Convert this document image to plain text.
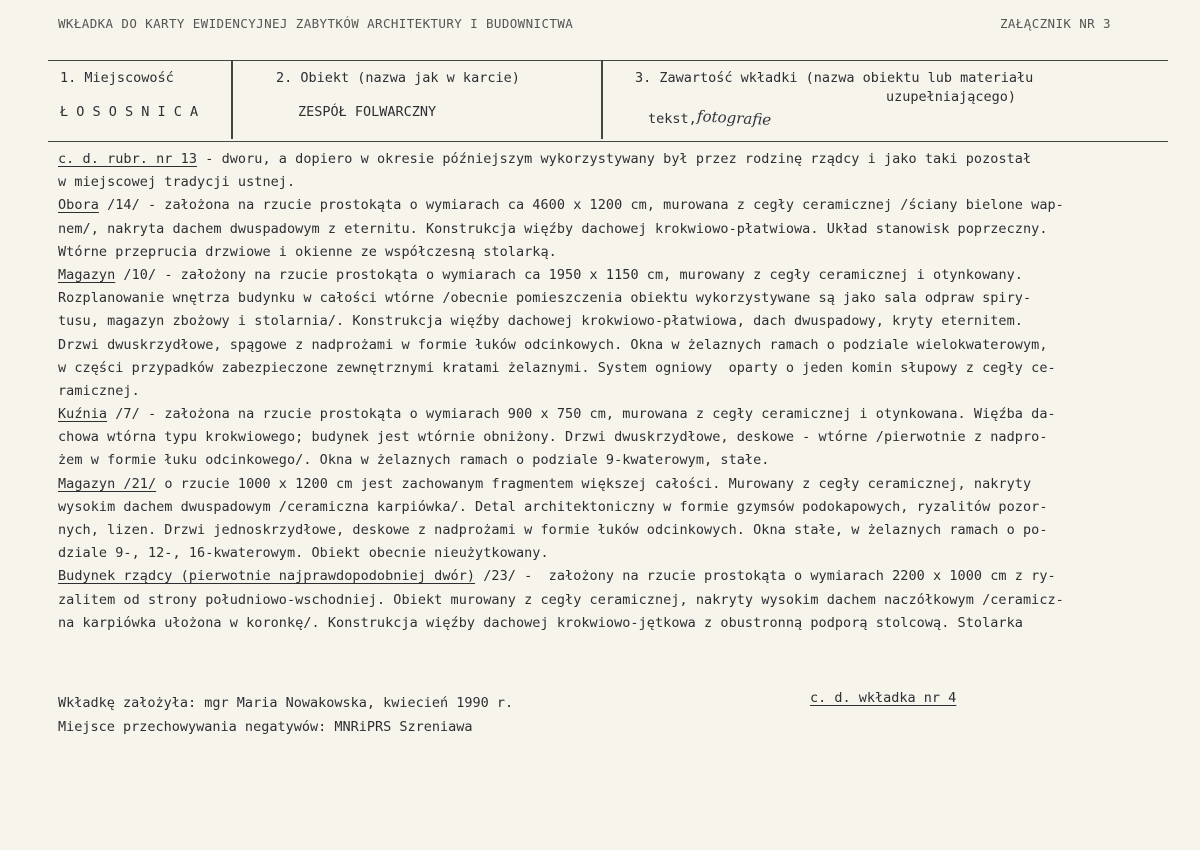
WKŁADKA DO KARTY EWIDENCYJNEJ ZABYTKÓW ARCHITEKTURY I BUDOWNICTWA	ZAŁĄCZNIK NR 3
1. Miejscowość
Ł O S O S N I C A
2. Obiekt (nazwa jak w karcie)
ZESPÓŁ FOLWARCZNY
3. Zawartość wkładki (nazwa obiektu lub materiału
uzupełniającego)
tekst,fotografie
c. d. rubr. nr 13 - dworu, a dopiero w okresie późniejszym wykorzystywany był przez rodzinę rządcy i jako taki pozostał
w miejscowej tradycji ustnej.
Obora /14/ - założona na rzucie prostokąta o wymiarach ca 4600 x 1200 cm, murowana z cegły ceramicznej /ściany bielone wap-
nem/, nakryta dachem dwuspadowym z eternitu. Konstrukcja więźby dachowej krokwiowo-płatwiowa. Układ stanowisk poprzeczny.
Wtórne przeprucia drzwiowe i okienne ze współczesną stolarką.
Magazyn /10/ - założony na rzucie prostokąta o wymiarach ca 1950 x 1150 cm, murowany z cegły ceramicznej i otynkowany.
Rozplanowanie wnętrza budynku w całości wtórne /obecnie pomieszczenia obiektu wykorzystywane są jako sala odpraw spiry-
tusu, magazyn zbożowy i stolarnia/. Konstrukcja więźby dachowej krokwiowo-płatwiowa, dach dwuspadowy, kryty eternitem.
Drzwi dwuskrzydłowe, spągowe z nadprożami w formie łuków odcinkowych. Okna w żelaznych ramach o podziale wielokwaterowym,
w części przypadków zabezpieczone zewnętrznymi kratami żelaznymi. System ogniowy  oparty o jeden komin słupowy z cegły ce-
ramicznej.
Kuźnia /7/ - założona na rzucie prostokąta o wymiarach 900 x 750 cm, murowana z cegły ceramicznej i otynkowana. Więźba da-
chowa wtórna typu krokwiowego; budynek jest wtórnie obniżony. Drzwi dwuskrzydłowe, deskowe - wtórne /pierwotnie z nadpro-
żem w formie łuku odcinkowego/. Okna w żelaznych ramach o podziale 9-kwaterowym, stałe.
Magazyn /21/ o rzucie 1000 x 1200 cm jest zachowanym fragmentem większej całości. Murowany z cegły ceramicznej, nakryty
wysokim dachem dwuspadowym /ceramiczna karpiówka/. Detal architektoniczny w formie gzymsów podokapowych, ryzalitów pozor-
nych, lizen. Drzwi jednoskrzydłowe, deskowe z nadprożami w formie łuków odcinkowych. Okna stałe, w żelaznych ramach o po-
dziale 9-, 12-, 16-kwaterowym. Obiekt obecnie nieużytkowany.
Budynek rządcy (pierwotnie najprawdopodobniej dwór) /23/ -  założony na rzucie prostokąta o wymiarach 2200 x 1000 cm z ry-
zalitem od strony południowo-wschodniej. Obiekt murowany z cegły ceramicznej, nakryty wysokim dachem naczółkowym /ceramicz-
na karpiówka ułożona w koronkę/. Konstrukcja więźby dachowej krokwiowo-jętkowa z obustronną podporą stolcową. Stolarka
Wkładkę założyła: mgr Maria Nowakowska, kwiecień 1990 r.	c. d. wkładka nr 4
Miejsce przechowywania negatywów: MNRiPRS Szreniawa
